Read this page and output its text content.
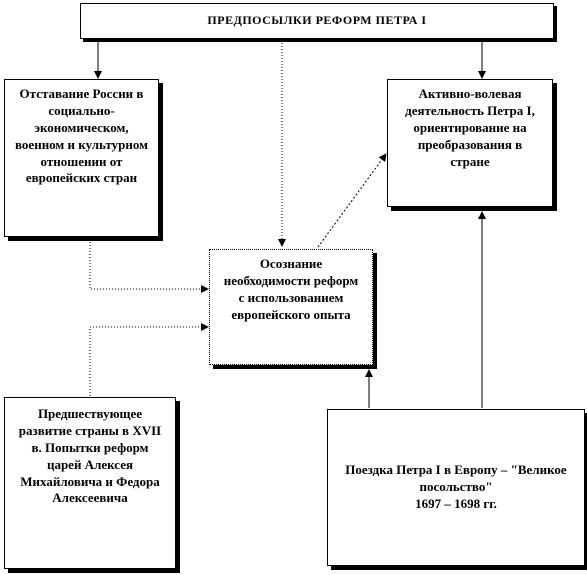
ПРЕДПОСЫЛКИ РЕФОРМ ПЕТРА I
Отставание России в социально-экономическом, военном и культурном отношении от европейских стран
Активно-волевая деятельность Петра I, ориентирование на преобразования в стране
Осознание необходимости реформ с использованием европейского опыта
Предшествующее развитие страны в XVII в. Попытки реформ царей Алексея Михайловича и Федора Алексеевича
Поездка Петра I в Европу – "Великое посольство"
1697 – 1698 гг.
